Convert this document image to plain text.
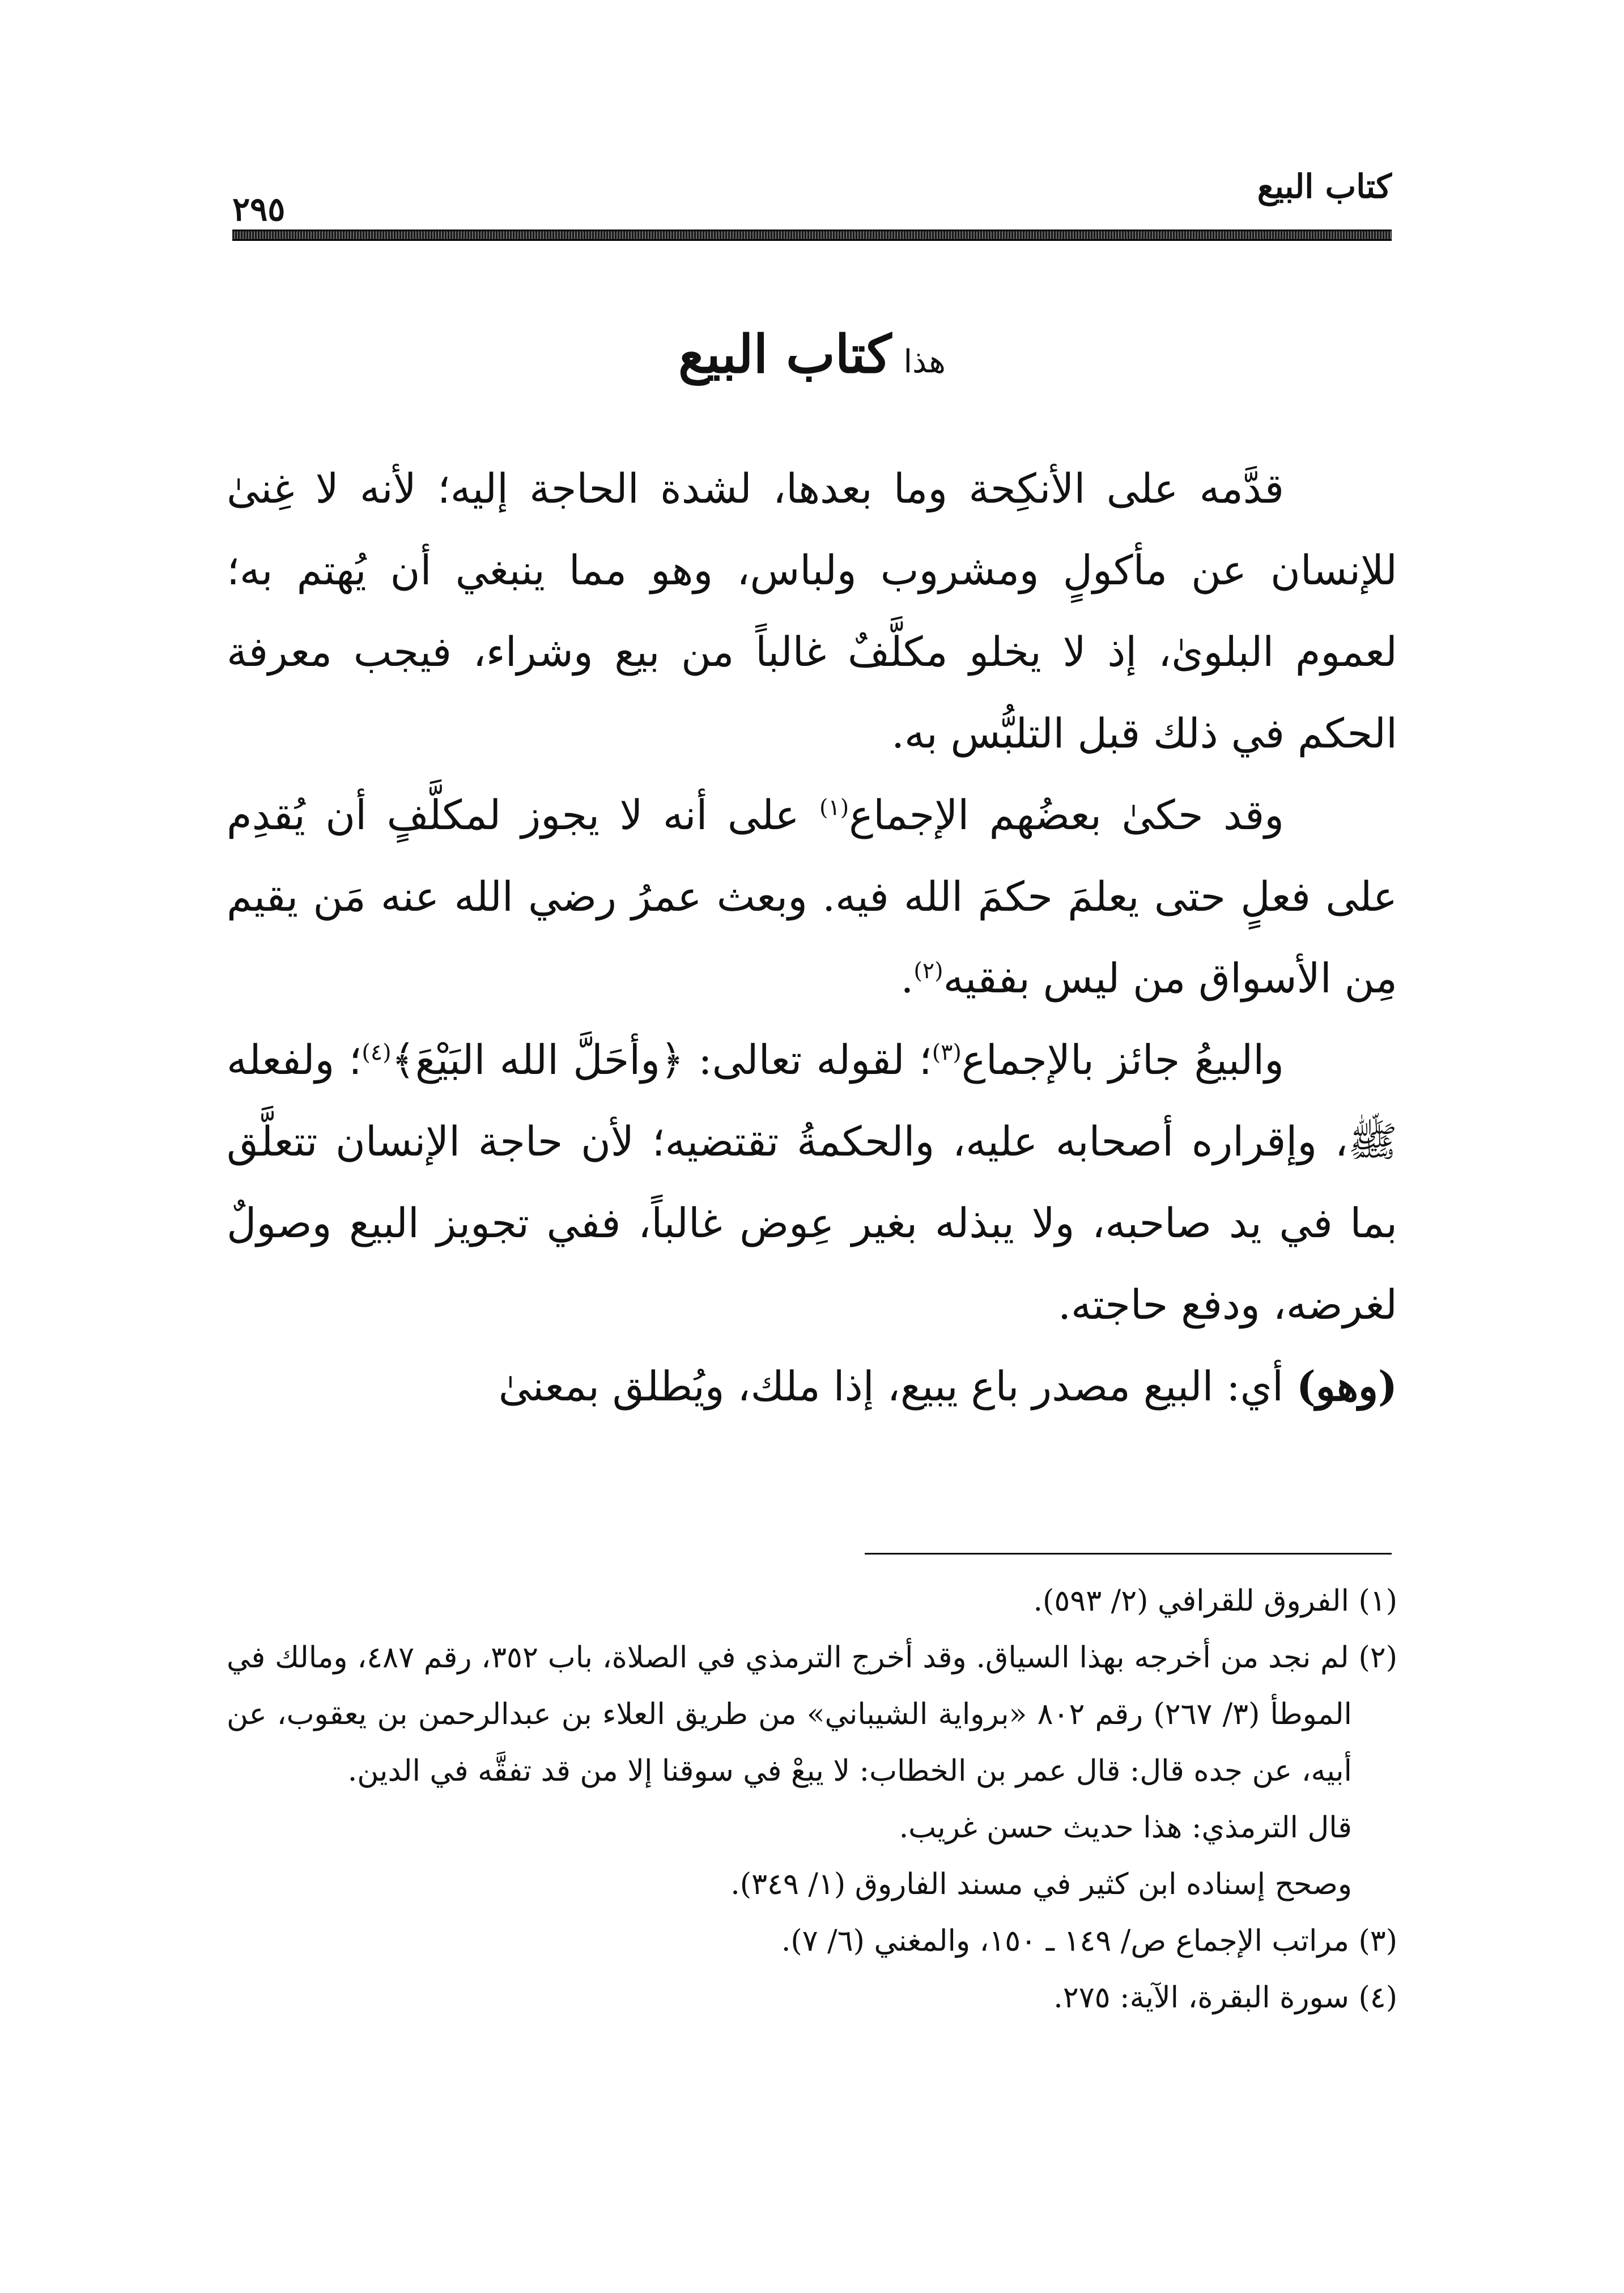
كتاب البيع
٢٩٥
هذا كتاب البيع

قدَّمه على الأنكِحة وما بعدها، لشدة الحاجة إليه؛ لأنه لا غِنىٰ للإنسان عن مأكولٍ ومشروب ولباس، وهو مما ينبغي أن يُهتم به؛ لعموم البلوىٰ، إذ لا يخلو مكلَّفٌ غالباً من بيع وشراء، فيجب معرفة الحكم في ذلك قبل التلبُّس به.

وقد حكىٰ بعضُهم الإجماع$^{(١)}$ على أنه لا يجوز لمكلَّفٍ أن يُقدِم على فعلٍ حتى يعلمَ حكمَ الله فيه. وبعث عمرُ رضي الله عنه مَن يقيم مِن الأسواق من ليس بفقيه$^{(٢)}$.

والبيعُ جائز بالإجماع$^{(٣)}$؛ لقوله تعالى: ﴿وأحَلَّ الله البَيْعَ﴾$^{(٤)}$؛ ولفعله ﷺ، وإقراره أصحابه عليه، والحكمةُ تقتضيه؛ لأن حاجة الإنسان تتعلَّق بما في يد صاحبه، ولا يبذله بغير عِوض غالباً، ففي تجويز البيع وصولٌ لغرضه، ودفع حاجته.

(وهو) أي: البيع مصدر باع يبيع، إذا ملك، ويُطلق بمعنىٰ

(١) الفروق للقرافي (٢/ ٥٩٣).

(٢) لم نجد من أخرجه بهذا السياق. وقد أخرج الترمذي في الصلاة، باب ٣٥٢، رقم ٤٨٧، ومالك في الموطأ (٣/ ٢٦٧) رقم ٨٠٢ «برواية الشيباني» من طريق العلاء بن عبدالرحمن بن يعقوب، عن أبيه، عن جده قال: قال عمر بن الخطاب: لا يبعْ في سوقنا إلا من قد تفقَّه في الدين.

قال الترمذي: هذا حديث حسن غريب.

وصحح إسناده ابن كثير في مسند الفاروق (١/ ٣٤٩).

(٣) مراتب الإجماع ص/ ١٤٩ ـ ١٥٠، والمغني (٦/ ٧).

(٤) سورة البقرة، الآية: ٢٧٥.
